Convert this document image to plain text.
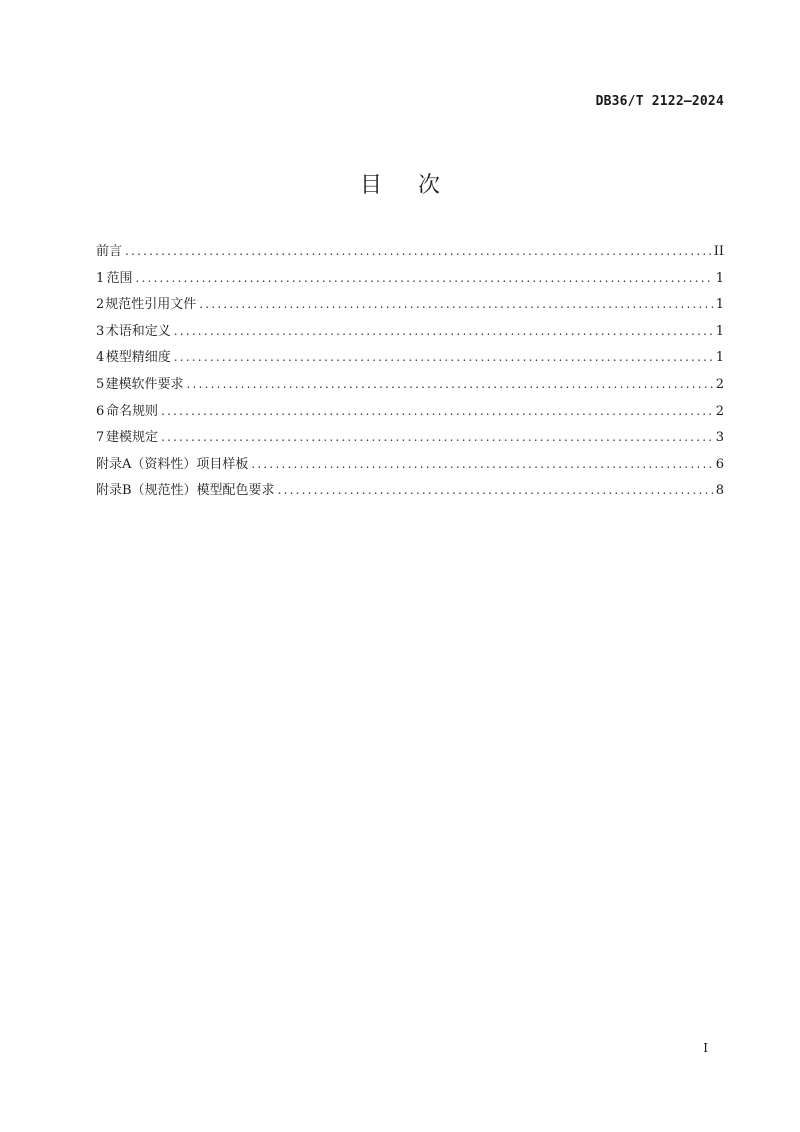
DB36/T 2122—2024
目次
前言 .....	II
1 范围 .....	1
2 规范性引用文件 .....	1
3 术语和定义 .....	1
4 模型精细度 .....	1
5 建模软件要求 .....	2
6 命名规则 .....	2
7 建模规定 .....	3
附录A（资料性）项目样板 .....	6
附录B（规范性）模型配色要求 .....	8
I
